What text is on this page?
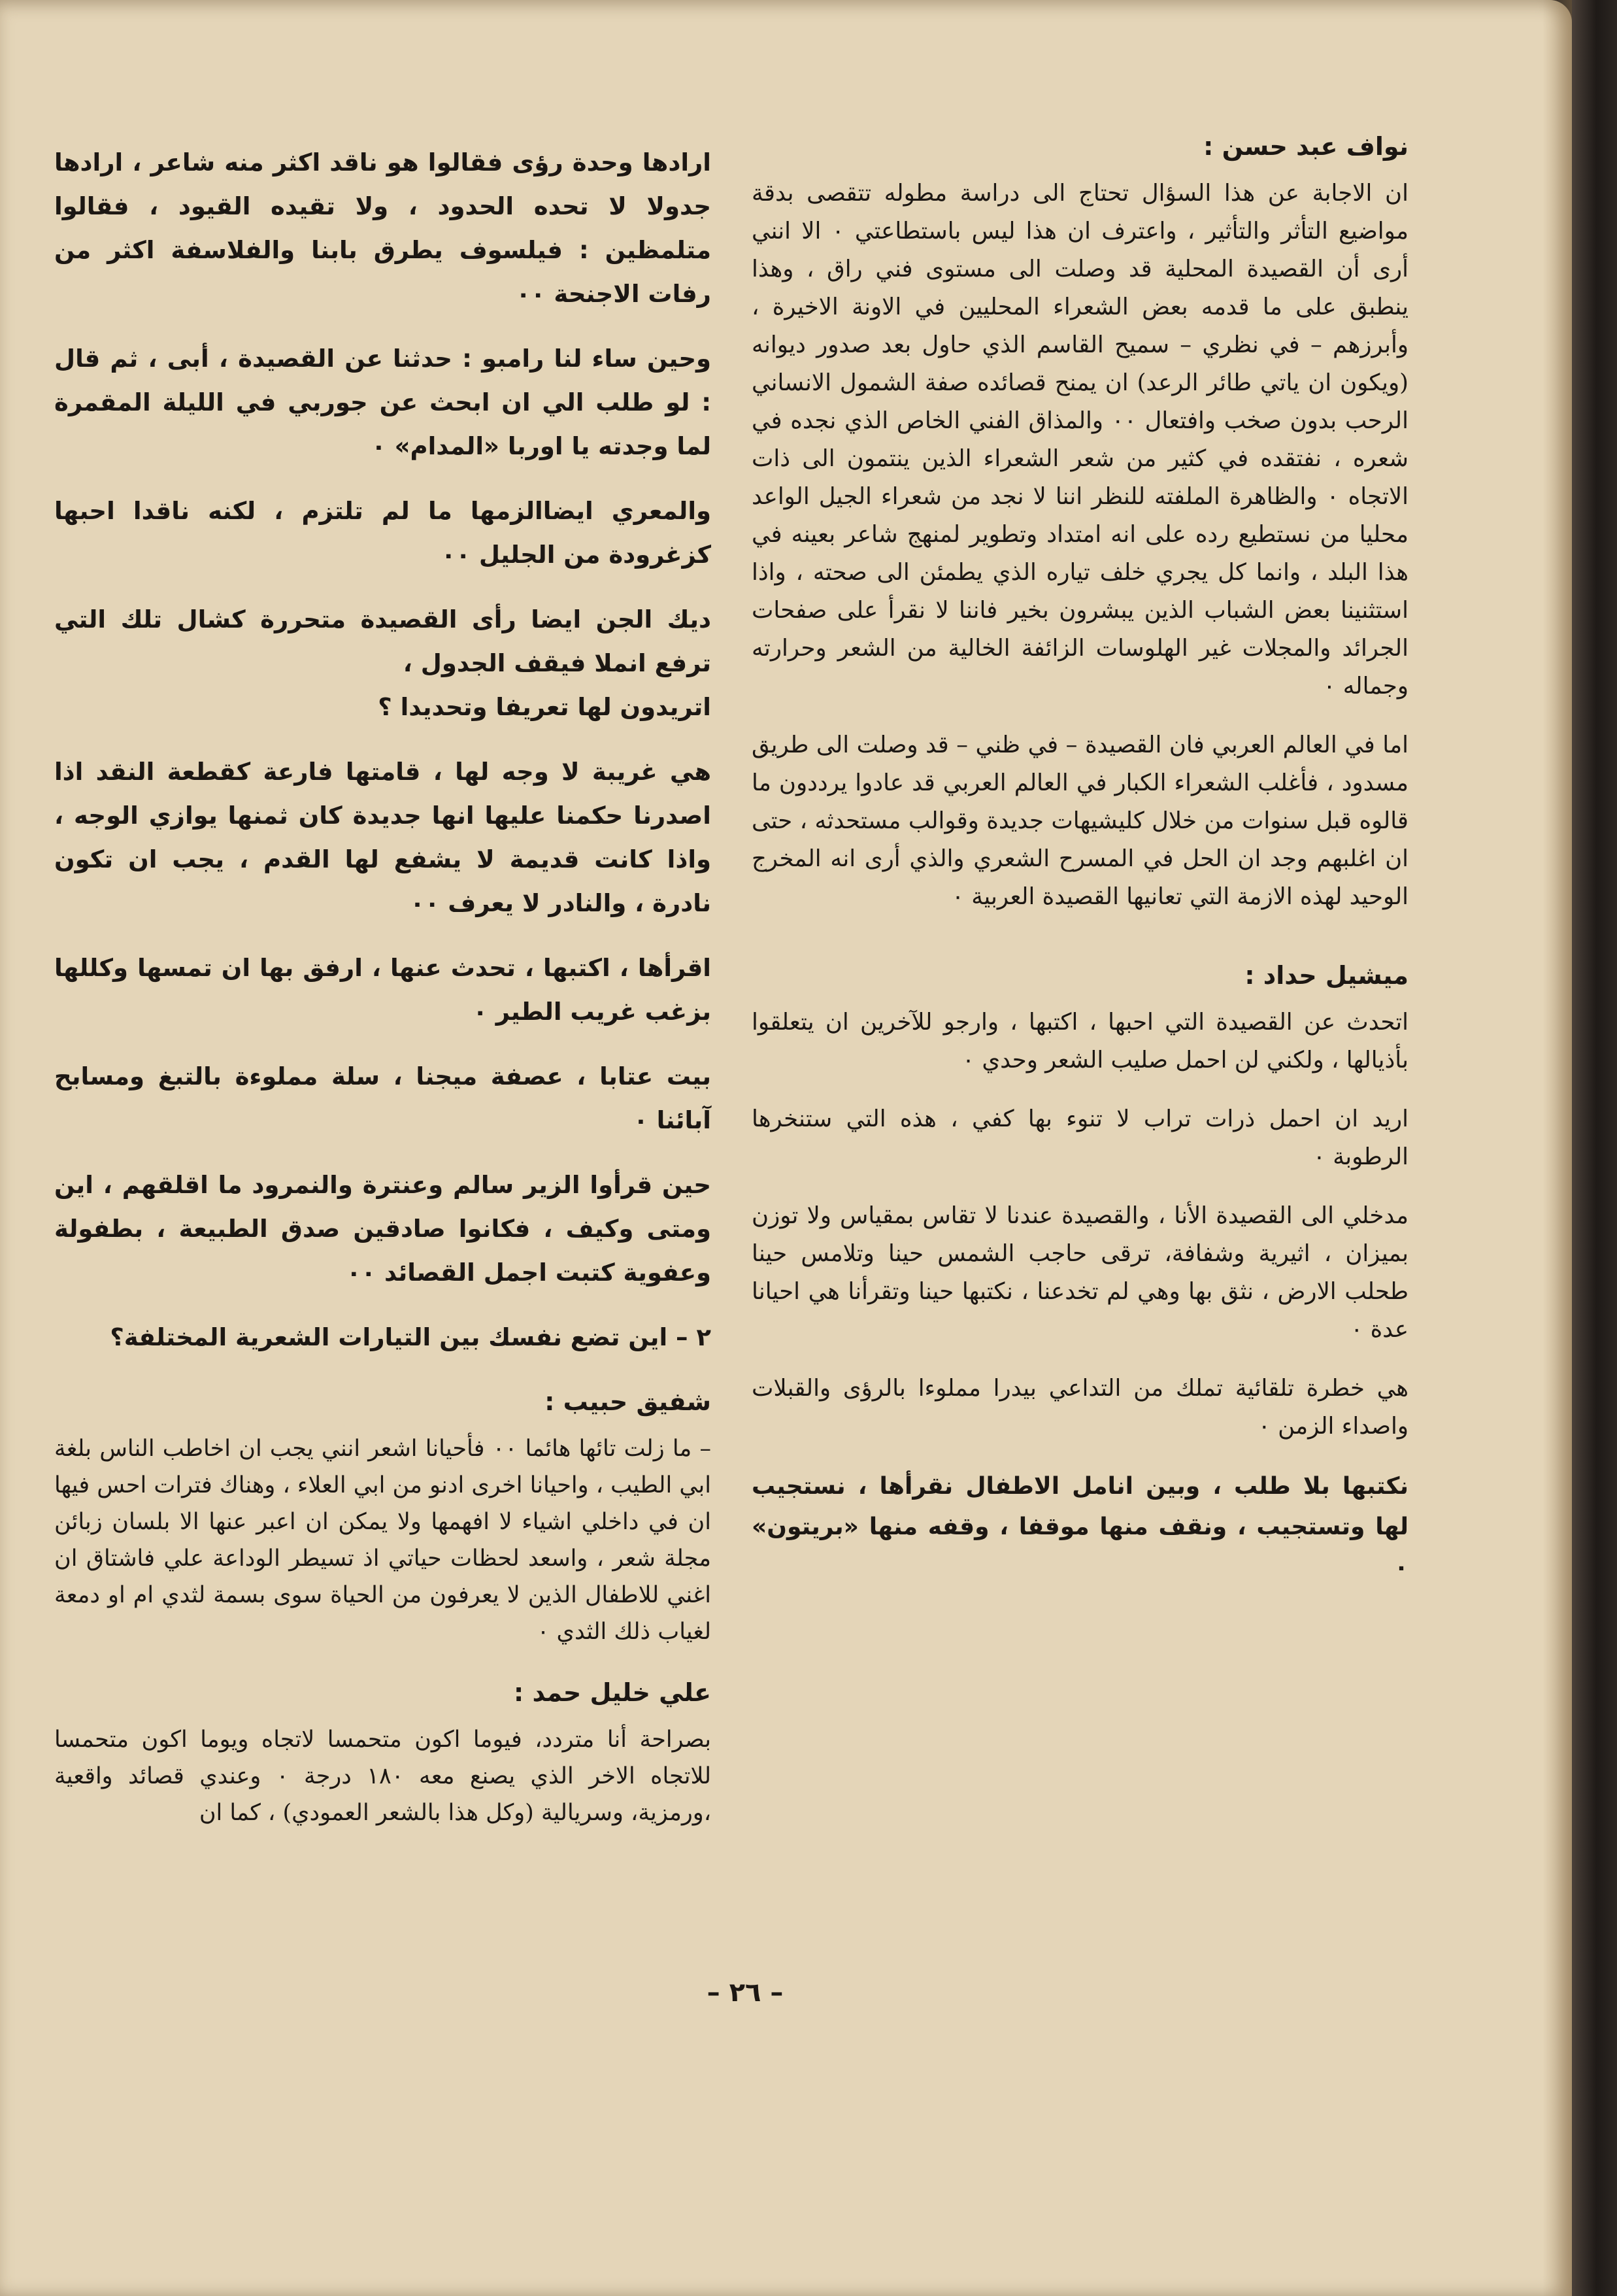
نواف عبد حسن :

ان الاجابة عن هذا السؤال تحتاج الى دراسة مطوله تتقصى بدقة مواضيع التأثر والتأثير ، واعترف ان هذا ليس باستطاعتي ٠ الا انني أرى أن القصيدة المحلية قد وصلت الى مستوى فني راق ، وهذا ينطبق على ما قدمه بعض الشعراء المحليين في الاونة الاخيرة ، وأبرزهم – في نظري – سميح القاسم الذي حاول بعد صدور ديوانه (ويكون ان ياتي طائر الرعد) ان يمنح قصائده صفة الشمول الانساني الرحب بدون صخب وافتعال ٠٠ والمذاق الفني الخاص الذي نجده في شعره ، نفتقده في كثير من شعر الشعراء الذين ينتمون الى ذات الاتجاه ٠ والظاهرة الملفته للنظر اننا لا نجد من شعراء الجيل الواعد محليا من نستطيع رده على انه امتداد وتطوير لمنهج شاعر بعينه في هذا البلد ، وانما كل يجري خلف تياره الذي يطمئن الى صحته ، واذا استثنينا بعض الشباب الذين يبشرون بخير فاننا لا نقرأ على صفحات الجرائد والمجلات غير الهلوسات الزائفة الخالية من الشعر وحرارته وجماله ٠

اما في العالم العربي فان القصيدة – في ظني – قد وصلت الى طريق مسدود ، فأغلب الشعراء الكبار في العالم العربي قد عادوا يرددون ما قالوه قبل سنوات من خلال كليشيهات جديدة وقوالب مستحدثه ، حتى ان اغلبهم وجد ان الحل في المسرح الشعري والذي أرى انه المخرج الوحيد لهذه الازمة التي تعانيها القصيدة العربية ٠

ميشيل حداد :

اتحدث عن القصيدة التي احبها ، اكتبها ، وارجو للآخرين ان يتعلقوا بأذيالها ، ولكني لن احمل صليب الشعر وحدي ٠

اريد ان احمل ذرات تراب لا تنوء بها كفي ، هذه التي ستنخرها الرطوبة ٠

مدخلي الى القصيدة الأنا ، والقصيدة عندنا لا تقاس بمقياس ولا توزن بميزان ، اثيرية وشفافة، ترقى حاجب الشمس حينا وتلامس حينا طحلب الارض ، نثق بها وهي لم تخدعنا ، نكتبها حينا وتقرأنا هي احيانا عدة ٠

هي خطرة تلقائية تملك من التداعي بيدرا مملوءا بالرؤى والقبلات واصداء الزمن ٠

نكتبها بلا طلب ، وبين انامل الاطفال نقرأها ، نستجيب لها وتستجيب ، ونقف منها موقفا ، وقفه منها «بريتون» ٠

ارادها وحدة رؤى فقالوا هو ناقد اكثر منه شاعر ، ارادها جدولا لا تحده الحدود ، ولا تقيده القيود ، فقالوا متلمظين : فيلسوف يطرق بابنا والفلاسفة اكثر من رفات الاجنحة ٠٠

وحين ساء لنا رامبو : حدثنا عن القصيدة ، أبى ، ثم قال : لو طلب الي ان ابحث عن جوربي في الليلة المقمرة لما وجدته يا اوربا «المدام» ٠

والمعري ايضاالزمها ما لم تلتزم ، لكنه ناقدا احبها كزغرودة من الجليل ٠٠

ديك الجن ايضا رأى القصيدة متحررة كشال تلك التي ترفع انملا فيقف الجدول ،

اتريدون لها تعريفا وتحديدا ؟

هي غريبة لا وجه لها ، قامتها فارعة كقطعة النقد اذا اصدرنا حكمنا عليها انها جديدة كان ثمنها يوازي الوجه ، واذا كانت قديمة لا يشفع لها القدم ، يجب ان تكون نادرة ، والنادر لا يعرف ٠٠

اقرأها ، اكتبها ، تحدث عنها ، ارفق بها ان تمسها وكللها بزغب غريب الطير ٠

بيت عتابا ، عصفة ميجنا ، سلة مملوءة بالتبغ ومسابح آبائنا ٠

حين قرأوا الزير سالم وعنترة والنمرود ما اقلقهم ، اين ومتى وكيف ، فكانوا صادقين صدق الطبيعة ، بطفولة وعفوية كتبت اجمل القصائد ٠٠

٢ – اين تضع نفسك بين التيارات الشعرية المختلفة؟

شفيق حبيب :

– ما زلت تائها هائما ٠٠ فأحيانا اشعر انني يجب ان اخاطب الناس بلغة ابي الطيب ، واحيانا اخرى ادنو من ابي العلاء ، وهناك فترات احس فيها ان في داخلي اشياء لا افهمها ولا يمكن ان اعبر عنها الا بلسان زبائن مجلة شعر ، واسعد لحظات حياتي اذ تسيطر الوداعة علي فاشتاق ان اغني للاطفال الذين لا يعرفون من الحياة سوى بسمة لثدي ام او دمعة لغياب ذلك الثدي ٠

علي خليل حمد :

بصراحة أنا متردد، فيوما اكون متحمسا لاتجاه ويوما اكون متحمسا للاتجاه الاخر الذي يصنع معه ١٨٠ درجة ٠ وعندي قصائد واقعية ،ورمزية، وسريالية (وكل هذا بالشعر العمودي) ، كما ان

– ٢٦ –
